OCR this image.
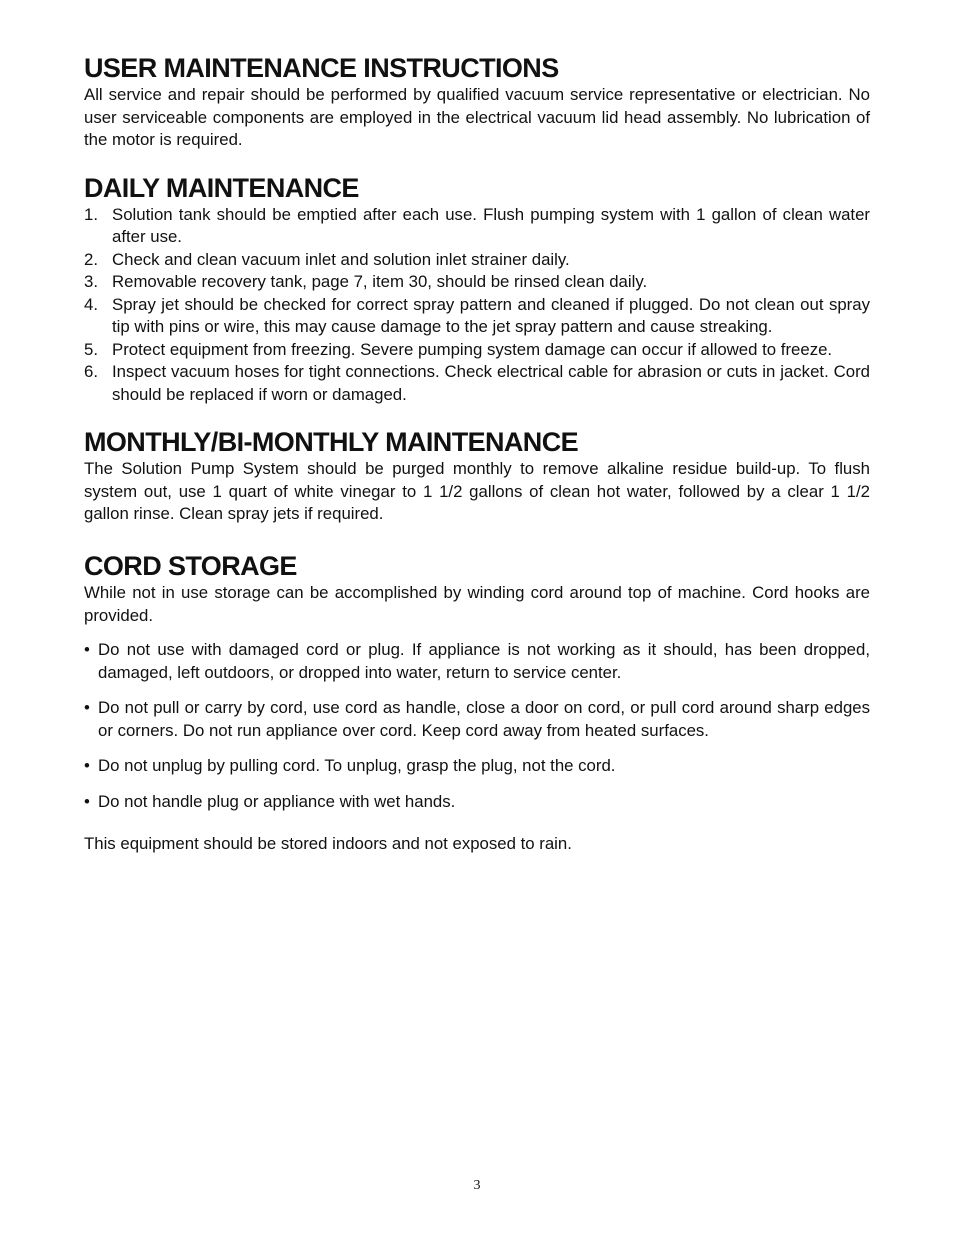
USER MAINTENANCE INSTRUCTIONS

All service and repair should be performed by qualified vacuum service representative or electrician. No user serviceable components are employed in the electrical vacuum lid head assembly. No lubrication of the motor is required.

DAILY MAINTENANCE
1. Solution tank should be emptied after each use. Flush pumping system with 1 gallon of clean water after use.
2. Check and clean vacuum inlet and solution inlet strainer daily.
3. Removable recovery tank, page 7, item 30, should be rinsed clean daily.
4. Spray jet should be checked for correct spray pattern and cleaned if plugged. Do not clean out spray tip with pins or wire, this may cause damage to the jet spray pattern and cause streaking.
5. Protect equipment from freezing. Severe pumping system damage can occur if allowed to freeze.
6. Inspect vacuum hoses for tight connections. Check electrical cable for abrasion or cuts in jacket. Cord should be replaced if worn or damaged.
MONTHLY/BI-MONTHLY MAINTENANCE

The Solution Pump System should be purged monthly to remove alkaline residue build-up. To flush system out, use 1 quart of white vinegar to 1 1/2 gallons of clean hot water, followed by a clear 1 1/2 gallon rinse. Clean spray jets if required.

CORD STORAGE

While not in use storage can be accomplished by winding cord around top of machine. Cord hooks are provided.

• Do not use with damaged cord or plug. If appliance is not working as it should, has been dropped, damaged, left outdoors, or dropped into water, return to service center.
• Do not pull or carry by cord, use cord as handle, close a door on cord, or pull cord around sharp edges or corners. Do not run appliance over cord. Keep cord away from heated surfaces.
• Do not unplug by pulling cord. To unplug, grasp the plug, not the cord.
• Do not handle plug or appliance with wet hands.

This equipment should be stored indoors and not exposed to rain.

3
